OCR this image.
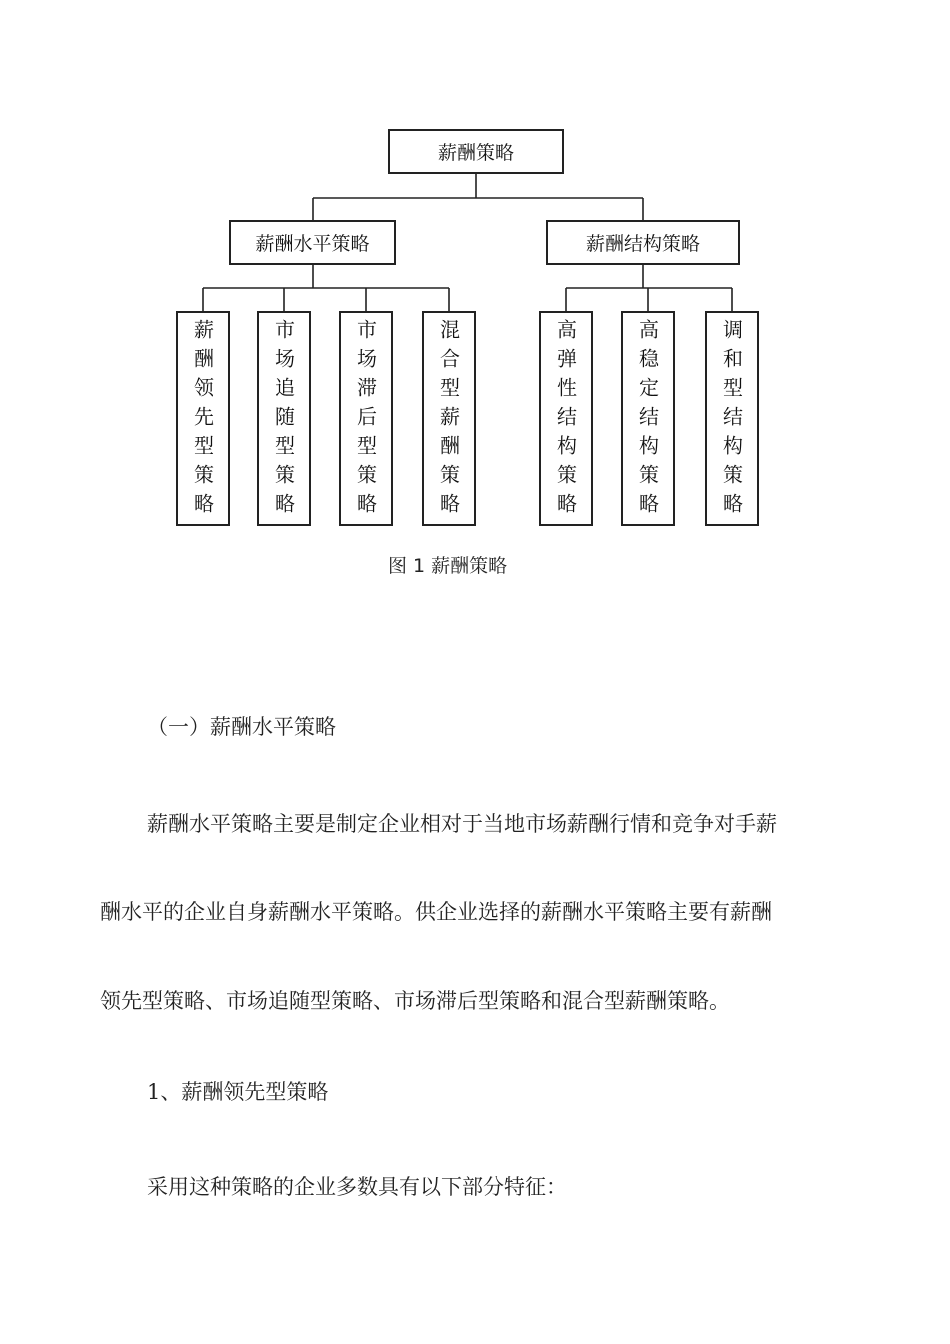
薪酬策略
薪酬水平策略	薪酬结构策略
薪酬领先型策略	市场追随型策略	市场滞后型策略	混合型薪酬策略	高弹性结构策略	高稳定结构策略	调和型结构策略
图 1 薪酬策略
（一）薪酬水平策略
薪酬水平策略主要是制定企业相对于当地市场薪酬行情和竞争对手薪
酬水平的企业自身薪酬水平策略。供企业选择的薪酬水平策略主要有薪酬
领先型策略、市场追随型策略、市场滞后型策略和混合型薪酬策略。
1、薪酬领先型策略
采用这种策略的企业多数具有以下部分特征：
